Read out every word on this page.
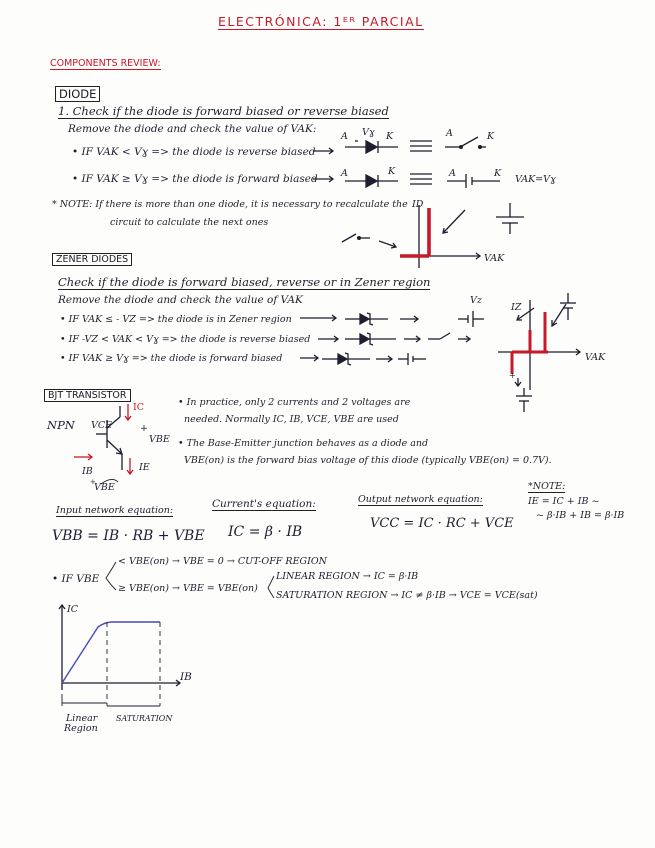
ELECTRÓNICA: 1ᴱᴿ PARCIAL
COMPONENTS REVIEW:
DIODE
1. Check if the diode is forward biased or reverse biased
Remove the diode and check the value of VAK:
• IF VAK < Vɣ => the diode is reverse biased
• IF VAK ≥ Vɣ => the diode is forward biased	VAK=Vɣ
* NOTE: If there is more than one diode, it is necessary to recalculate the
circuit to calculate the next ones
A Vɣ K	A	K
A	K	A	K
ID
VAK
ZENER DIODES
Check if the diode is forward biased, reverse or in Zener region
Remove the diode and check the value of VAK
• IF VAK ≤ - VZ => the diode is in Zener region
• IF -VZ < VAK < Vɣ => the diode is reverse biased
• IF VAK ≥ Vɣ => the diode is forward biased
IZ
VAK
Vz
+
BJT TRANSISTOR
NPN VCE
IC
+
VBE
IB	IE
VBE
+
• In practice, only 2 currents and 2 voltages are
needed. Normally IC, IB, VCE, VBE are used
• The Base-Emitter junction behaves as a diode and
VBE(on) is the forward bias voltage of this diode (typically VBE(on) = 0.7V).
Input network equation:
VBB = IB · RB + VBE
Current's equation:
IC = β · IB
Output network equation:
VCC = IC · RC + VCE
*NOTE:
IE = IC + IB ~
~ β·IB + IB = β·IB
• IF VBE
< VBE(on) → VBE = 0 → CUT-OFF REGION
≥ VBE(on) → VBE = VBE(on)
LINEAR REGION → IC = β·IB
SATURATION REGION → IC ≠ β·IB → VCE = VCE(sat)
IC
IB
Linear
Region
SATURATION
